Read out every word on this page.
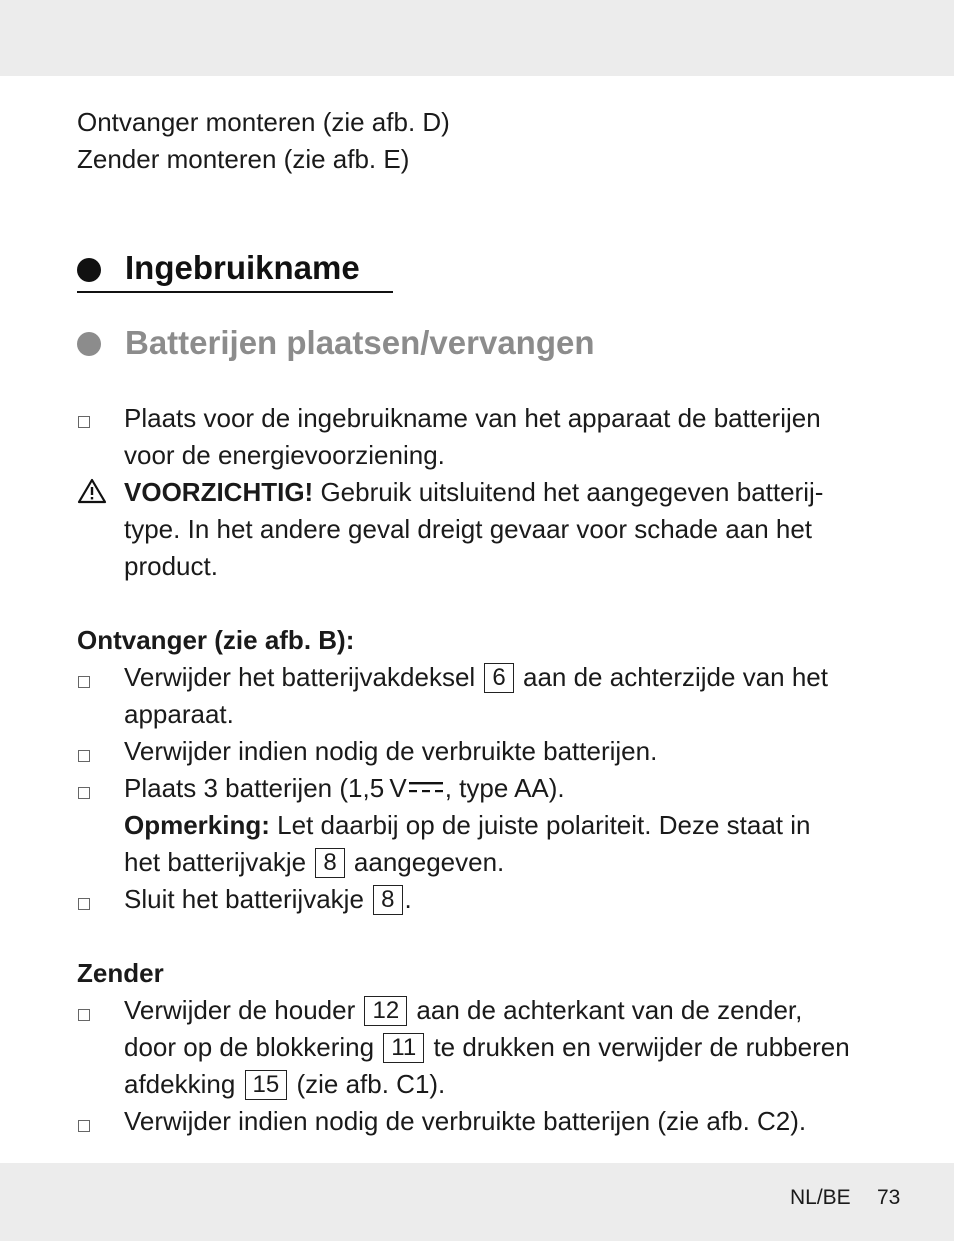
Ontvanger monteren (zie afb. D)
Zender monteren (zie afb. E)
Ingebruikname
Batterijen plaatsen/vervangen
Plaats voor de ingebruikname van het apparaat de batterijen
voor de energievoorziening.
VOORZICHTIG! Gebruik uitsluitend het aangegeven batterij-
type. In het andere geval dreigt gevaar voor schade aan het
product.
Ontvanger (zie afb. B):
Verwijder het batterijvakdeksel 6 aan de achterzijde van het
apparaat.
Verwijder indien nodig de verbruikte batterijen.
Plaats 3 batterijen (1,5 V , type AA).
Opmerking: Let daarbij op de juiste polariteit. Deze staat in
het batterijvakje 8 aangegeven.
Sluit het batterijvakje 8 .
Zender
Verwijder de houder 12 aan de achterkant van de zender,
door op de blokkering 11 te drukken en verwijder de rubberen
afdekking 15 (zie afb. C1).
Verwijder indien nodig de verbruikte batterijen (zie afb. C2).
NL/BE 73
